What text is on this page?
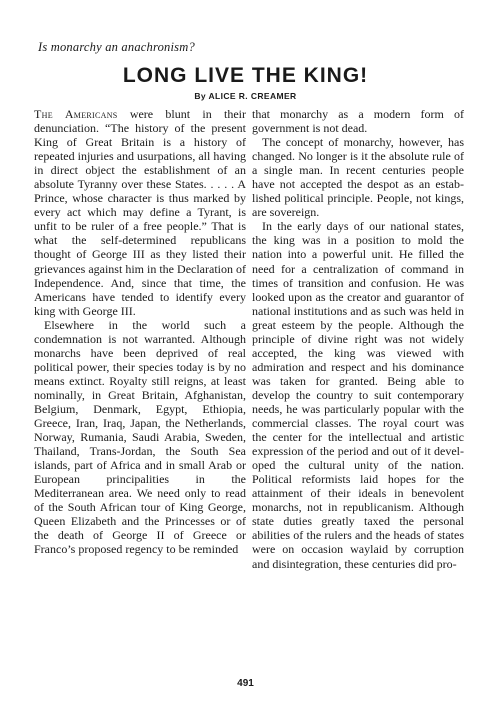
Is monarchy an anachronism?
LONG LIVE THE KING!
By ALICE R. CREAMER

The Americans were blunt in their denunciation. “The history of the present King of Great Britain is a history of repeated injuries and usurpations, all having in direct object the establishment of an absolute Tyranny over these States. . . . . A Prince, whose character is thus marked by every act which may define a Tyrant, is unfit to be ruler of a free people.” That is what the self-determined republicans thought of George III as they listed their grievances against him in the Declaration of Independence. And, since that time, the Americans have tended to identify every king with George III.

Elsewhere in the world such a condemnation is not warranted. Although monarchs have been deprived of real political power, their species today is by no means extinct. Royalty still reigns, at least nominally, in Great Britain, Afghanistan, Belgium, Denmark, Egypt, Ethiopia, Greece, Iran, Iraq, Japan, the Netherlands, Norway, Rumania, Saudi Arabia, Sweden, Thailand, Trans-Jordan, the South Sea islands, part of Africa and in small Arab or European principalities in the Mediterranean area. We need only to read of the South African tour of King George, Queen Elizabeth and the Princesses or of the death of George II of Greece or Franco’s proposed regency to be reminded

that monarchy as a modern form of government is not dead.

The concept of monarchy, however, has changed. No longer is it the absolute rule of a single man. In recent centuries people have not accepted the despot as an established political principle. People, not kings, are sovereign.

In the early days of our national states, the king was in a position to mold the nation into a powerful unit. He filled the need for a centralization of command in times of transition and confusion. He was looked upon as the creator and guarantor of national institutions and as such was held in great esteem by the people. Although the principle of divine right was not widely accepted, the king was viewed with admiration and respect and his dominance was taken for granted. Being able to develop the country to suit contemporary needs, he was particularly popular with the commercial classes. The royal court was the center for the intellectual and artistic expression of the period and out of it developed the cultural unity of the nation. Political reformists laid hopes for the attainment of their ideals in benevolent monarchs, not in republicanism. Although state duties greatly taxed the personal abilities of the rulers and the heads of states were on occasion waylaid by corruption and disintegration, these centuries did pro-

491
